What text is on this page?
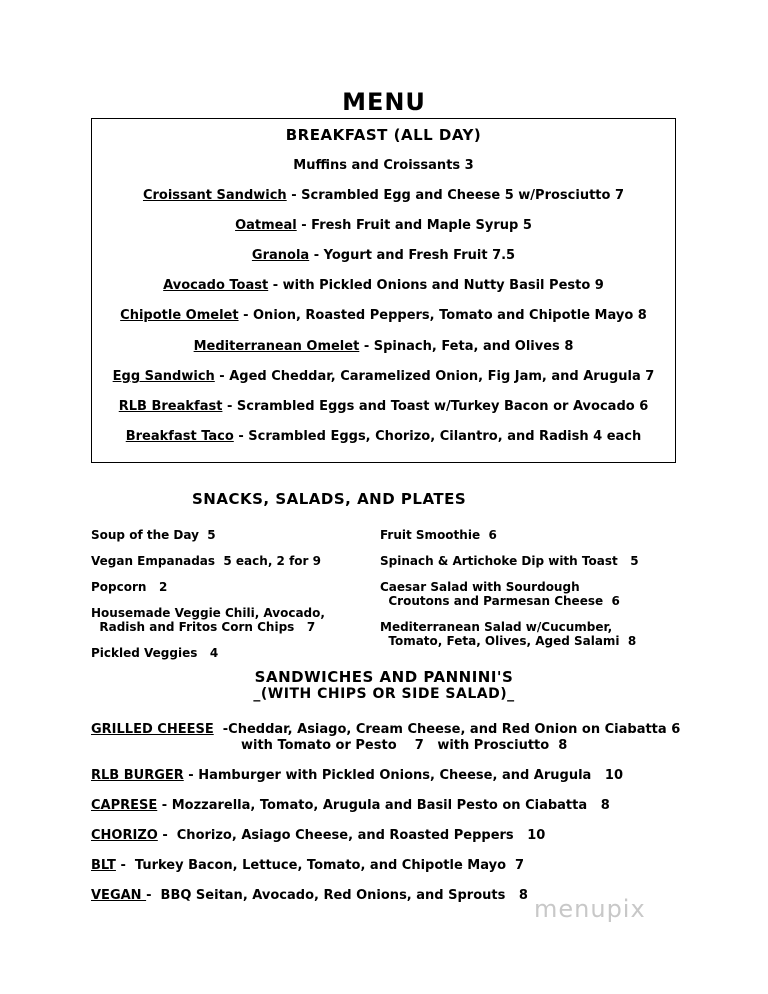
MENU
BREAKFAST (ALL DAY)
Muffins and Croissants 3
Croissant Sandwich - Scrambled Egg and Cheese 5 w/Prosciutto 7
Oatmeal - Fresh Fruit and Maple Syrup 5
Granola - Yogurt and Fresh Fruit 7.5
Avocado Toast - with Pickled Onions and Nutty Basil Pesto 9
Chipotle Omelet - Onion, Roasted Peppers, Tomato and Chipotle Mayo 8
Mediterranean Omelet - Spinach, Feta, and Olives 8
Egg Sandwich - Aged Cheddar, Caramelized Onion, Fig Jam, and Arugula 7
RLB Breakfast - Scrambled Eggs and Toast w/Turkey Bacon or Avocado 6
Breakfast Taco - Scrambled Eggs, Chorizo, Cilantro, and Radish 4 each
SNACKS, SALADS, AND PLATES
Soup of the Day  5
Vegan Empanadas  5 each, 2 for 9
Popcorn   2
Housemade Veggie Chili, Avocado,
Radish and Fritos Corn Chips   7
Pickled Veggies   4
Fruit Smoothie  6
Spinach & Artichoke Dip with Toast   5
Caesar Salad with Sourdough
Croutons and Parmesan Cheese  6
Mediterranean Salad w/Cucumber,
Tomato, Feta, Olives, Aged Salami  8
SANDWICHES AND PANNINI'S
_(WITH CHIPS OR SIDE SALAD)_
GRILLED CHEESE  -Cheddar, Asiago, Cream Cheese, and Red Onion on Ciabatta 6
with Tomato or Pesto    7   with Prosciutto  8
RLB BURGER - Hamburger with Pickled Onions, Cheese, and Arugula   10
CAPRESE - Mozzarella, Tomato, Arugula and Basil Pesto on Ciabatta   8
CHORIZO -  Chorizo, Asiago Cheese, and Roasted Peppers   10
BLT -  Turkey Bacon, Lettuce, Tomato, and Chipotle Mayo  7
VEGAN -  BBQ Seitan, Avocado, Red Onions, and Sprouts   8 menupix
